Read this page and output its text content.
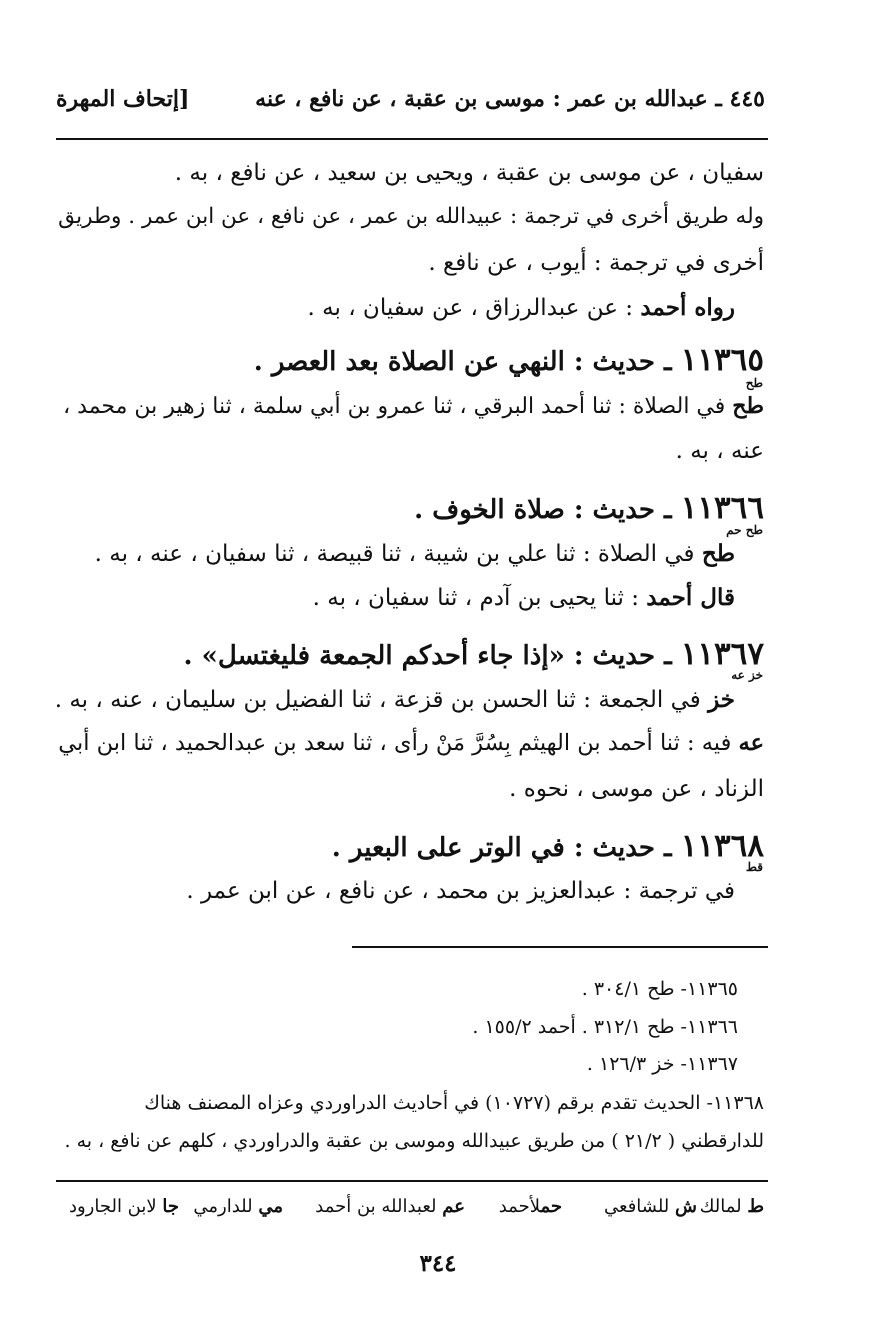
٤٤٥ ـ عبدالله بن عمر : موسى بن عقبة ، عن نافع ، عنه
[إتحاف المهرة
سفيان ، عن موسى بن عقبة ، ويحيى بن سعيد ، عن نافع ، به .
وله طريق أخرى في ترجمة : عبيدالله بن عمر ، عن نافع ، عن ابن عمر . وطريق
أخرى في ترجمة : أيوب ، عن نافع .
رواه أحمد : عن عبدالرزاق ، عن سفيان ، به .
١١٣٦٥ ـ حديث : النهي عن الصلاة بعد العصر .
طح
طح في الصلاة : ثنا أحمد البرقي ، ثنا عمرو بن أبي سلمة ، ثنا زهير بن محمد ،
عنه ، به .
١١٣٦٦ ـ حديث : صلاة الخوف .
طح حم
طح في الصلاة : ثنا علي بن شيبة ، ثنا قبيصة ، ثنا سفيان ، عنه ، به .
قال أحمد : ثنا يحيى بن آدم ، ثنا سفيان ، به .
١١٣٦٧ ـ حديث : «إذا جاء أحدكم الجمعة فليغتسل» .
خز عه
خز في الجمعة : ثنا الحسن بن قزعة ، ثنا الفضيل بن سليمان ، عنه ، به .
عه فيه : ثنا أحمد بن الهيثم بِسُرَّ مَنْ رأى ، ثنا سعد بن عبدالحميد ، ثنا ابن أبي
الزناد ، عن موسى ، نحوه .
١١٣٦٨ ـ حديث : في الوتر على البعير .
قط
في ترجمة : عبدالعزيز بن محمد ، عن نافع ، عن ابن عمر .
١١٣٦٥- طح ٣٠٤/١ .
١١٣٦٦- طح ٣١٢/١ . أحمد ١٥٥/٢ .
١١٣٦٧- خز ١٢٦/٣ .
١١٣٦٨- الحديث تقدم برقم (١٠٧٢٧) في أحاديث الدراوردي وعزاه المصنف هناك
للدارقطني ( ٢١/٢ ) من طريق عبيدالله وموسى بن عقبة والدراوردي ، كلهم عن نافع ، به .
ط لمالك
ش للشافعي
حملأحمد
عم لعبدالله بن أحمد
مي للدارمي
جا لابن الجارود
٣٤٤
